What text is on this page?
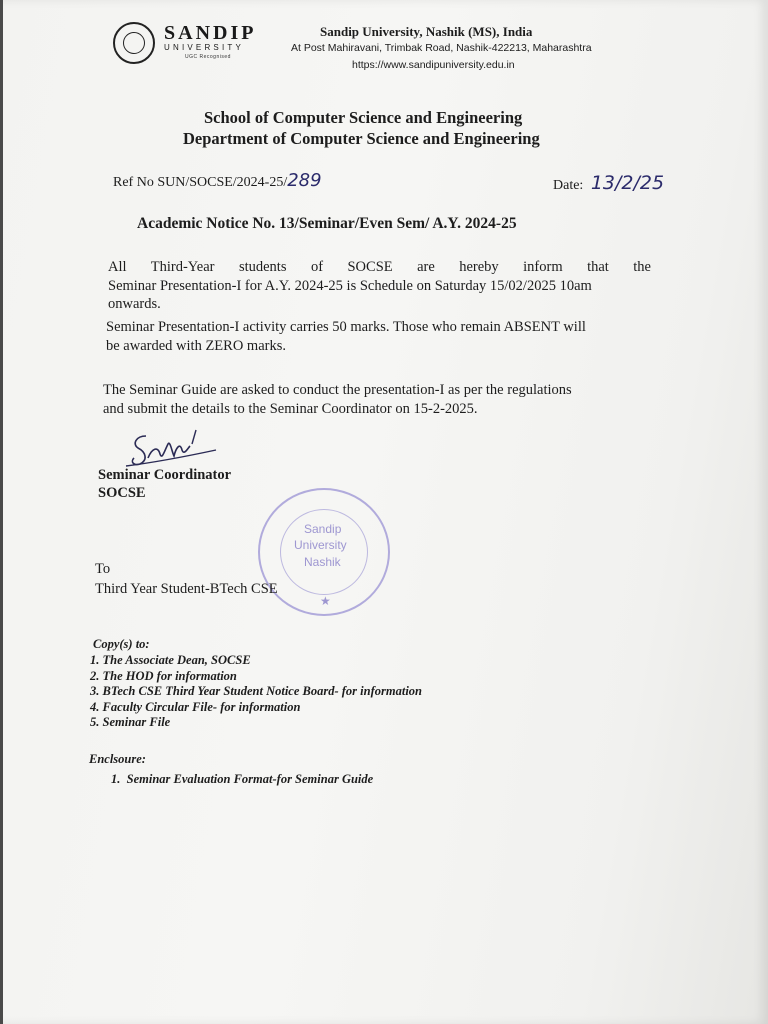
SANDIP
UNIVERSITY
UGC Recognised
Sandip University, Nashik (MS), India
At Post Mahiravani, Trimbak Road, Nashik-422213, Maharashtra
https://www.sandipuniversity.edu.in
School of Computer Science and Engineering
Department of Computer Science and Engineering
Ref No SUN/SOCSE/2024-25/289	Date: 13/2/25
Academic Notice No. 13/Seminar/Even Sem/ A.Y. 2024-25
All Third-Year students of SOCSE are hereby inform that the
Seminar Presentation-I for A.Y. 2024-25 is Schedule on Saturday 15/02/2025 10am
onwards.
Seminar Presentation-I activity carries 50 marks. Those who remain ABSENT will
be awarded with ZERO marks.
The Seminar Guide are asked to conduct the presentation-I as per the regulations
and submit the details to the Seminar Coordinator on 15-2-2025.
Seminar Coordinator
SOCSE
Sandip
University
Nashik
★
To
Third Year Student-BTech CSE
Copy(s) to:
1. The Associate Dean, SOCSE
2. The HOD for information
3. BTech CSE Third Year Student Notice Board- for information
4. Faculty Circular File- for information
5. Seminar File
Enclsoure:
1.  Seminar Evaluation Format-for Seminar Guide
